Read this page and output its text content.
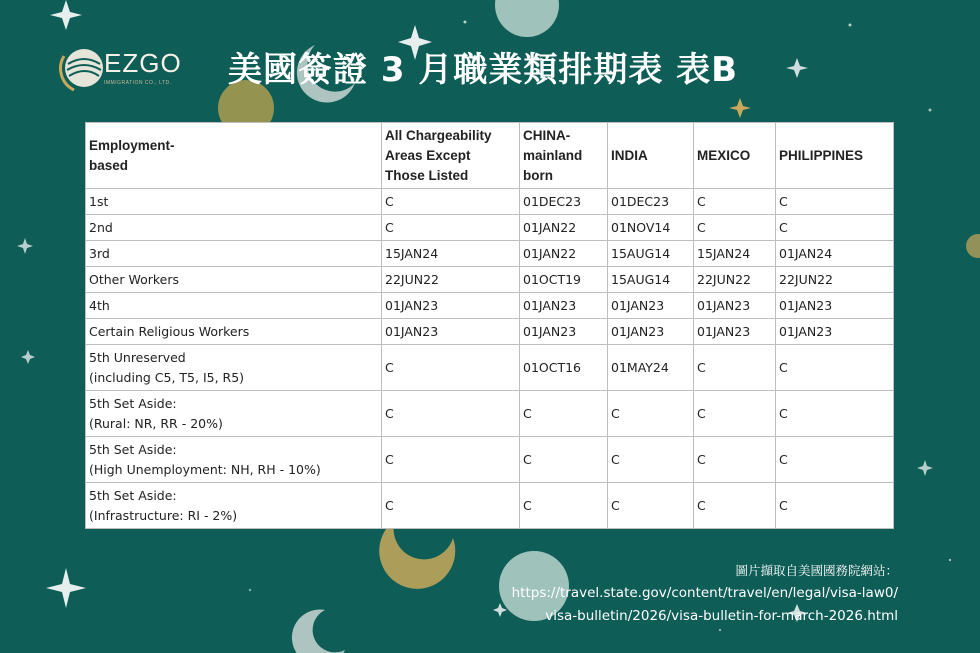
EZGO
IMMIGRATION CO., LTD. 美國簽證 3 月職業類排期表 表B
Employment-
based	All Chargeability
Areas Except
Those Listed	CHINA-
mainland
born	INDIA	MEXICO	PHILIPPINES
1st	C	01DEC23	01DEC23	C	C
2nd	C	01JAN22	01NOV14	C	C
3rd	15JAN24	01JAN22	15AUG14	15JAN24	01JAN24
Other Workers	22JUN22	01OCT19	15AUG14	22JUN22	22JUN22
4th	01JAN23	01JAN23	01JAN23	01JAN23	01JAN23
Certain Religious Workers	01JAN23	01JAN23	01JAN23	01JAN23	01JAN23
5th Unreserved
(including C5, T5, I5, R5)	C	01OCT16	01MAY24	C	C
5th Set Aside:
(Rural: NR, RR - 20%)	C	C	C	C	C
5th Set Aside:
(High Unemployment: NH, RH - 10%)	C	C	C	C	C
5th Set Aside:
(Infrastructure: RI - 2%)	C	C	C	C	C
圖片擷取自美國國務院網站：
https://travel.state.gov/content/travel/en/legal/visa-law0/
visa-bulletin/2026/visa-bulletin-for-march-2026.html
